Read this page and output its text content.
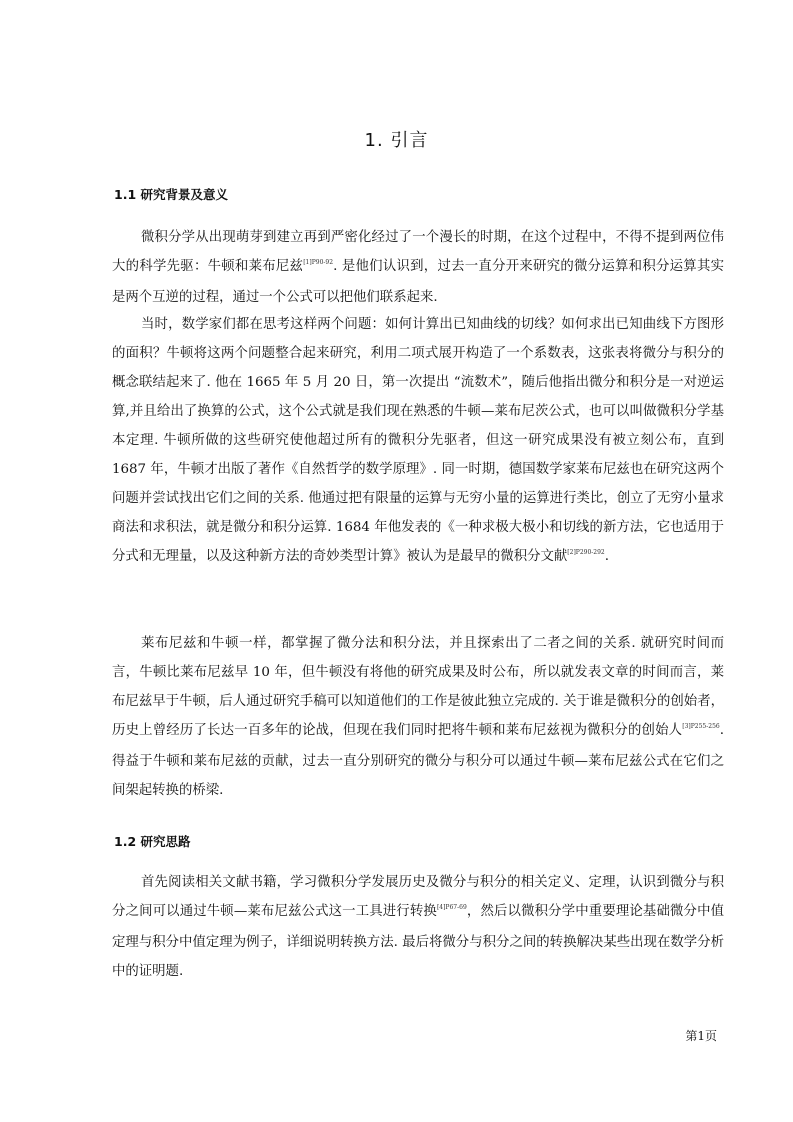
1. 引言
1.1 研究背景及意义

微积分学从出现萌芽到建立再到严密化经过了一个漫长的时期，在这个过程中，不得不提到两位伟大的科学先驱：牛顿和莱布尼兹$^{[1]P90-92}$. 是他们认识到，过去一直分开来研究的微分运算和积分运算其实是两个互逆的过程，通过一个公式可以把他们联系起来.

当时，数学家们都在思考这样两个问题：如何计算出已知曲线的切线？如何求出已知曲线下方图形的面积？牛顿将这两个问题整合起来研究，利用二项式展开构造了一个系数表，这张表将微分与积分的概念联结起来了. 他在 1665 年 5 月 20 日，第一次提出 “流数术”，随后他指出微分和积分是一对逆运算,并且给出了换算的公式，这个公式就是我们现在熟悉的牛顿—莱布尼茨公式，也可以叫做微积分学基本定理. 牛顿所做的这些研究使他超过所有的微积分先驱者，但这一研究成果没有被立刻公布，直到 1687 年，牛顿才出版了著作《自然哲学的数学原理》. 同一时期，德国数学家莱布尼兹也在研究这两个问题并尝试找出它们之间的关系. 他通过把有限量的运算与无穷小量的运算进行类比，创立了无穷小量求商法和求积法，就是微分和积分运算. 1684 年他发表的《一种求极大极小和切线的新方法，它也适用于分式和无理量，以及这种新方法的奇妙类型计算》被认为是最早的微积分文献$^{[2]P290-292}$.

莱布尼兹和牛顿一样，都掌握了微分法和积分法，并且探索出了二者之间的关系. 就研究时间而言，牛顿比莱布尼兹早 10 年，但牛顿没有将他的研究成果及时公布，所以就发表文章的时间而言，莱布尼兹早于牛顿，后人通过研究手稿可以知道他们的工作是彼此独立完成的. 关于谁是微积分的创始者，历史上曾经历了长达一百多年的论战，但现在我们同时把将牛顿和莱布尼兹视为微积分的创始人$^{[3]P255-256}$. 得益于牛顿和莱布尼兹的贡献，过去一直分别研究的微分与积分可以通过牛顿—莱布尼兹公式在它们之间架起转换的桥梁.

1.2 研究思路

首先阅读相关文献书籍，学习微积分学发展历史及微分与积分的相关定义、定理，认识到微分与积分之间可以通过牛顿—莱布尼兹公式这一工具进行转换$^{[4]P67-69}$，然后以微积分学中重要理论基础微分中值定理与积分中值定理为例子，详细说明转换方法. 最后将微分与积分之间的转换解决某些出现在数学分析中的证明题.

第1页
